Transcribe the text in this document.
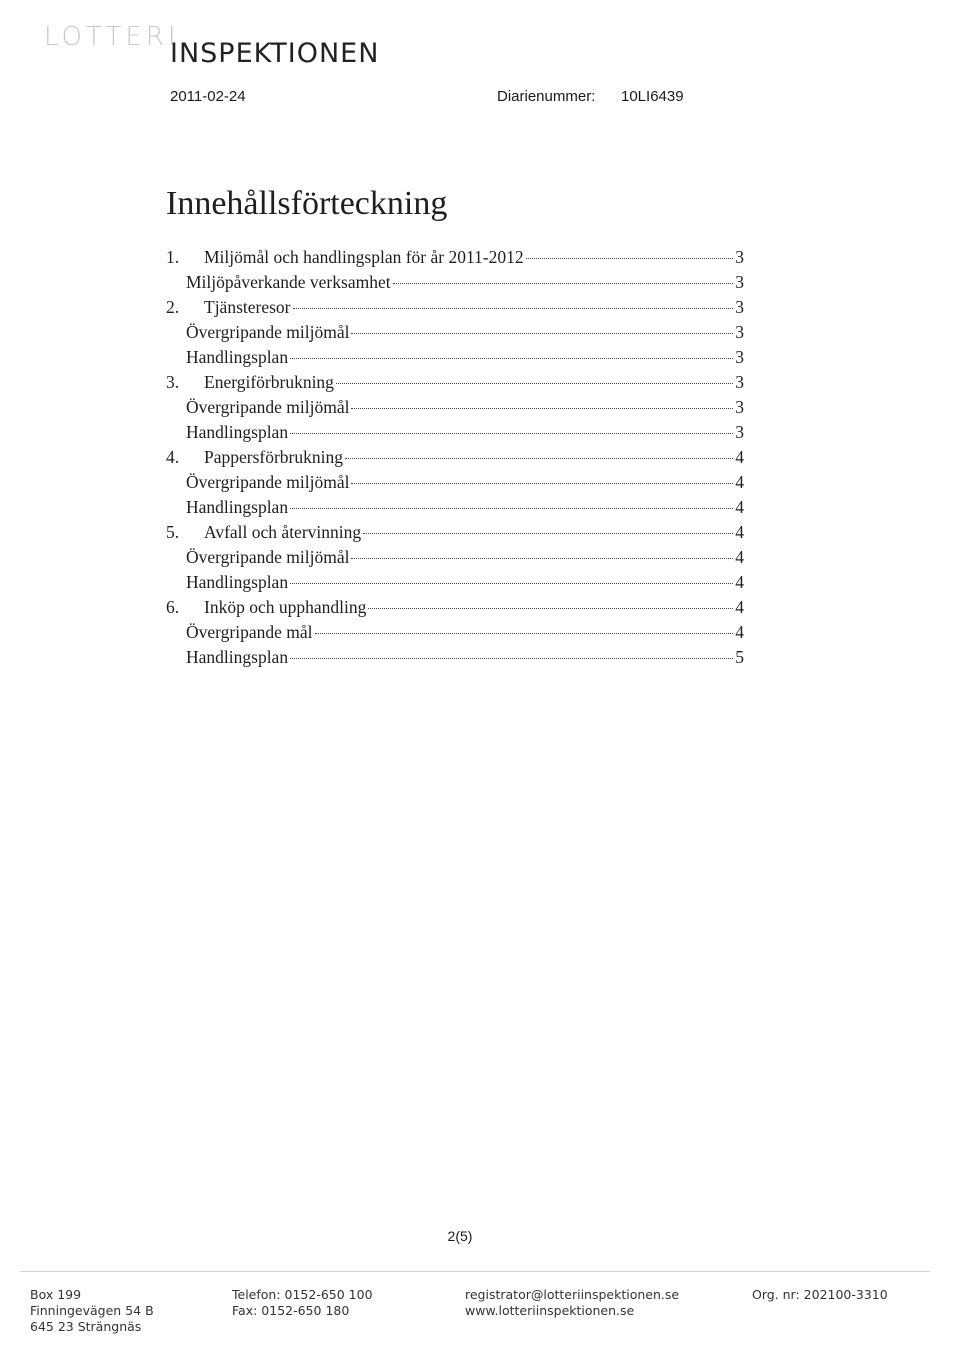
LOTTERI
INSPEKTIONEN
2011-02-24	Diarienummer: 10LI6439
Innehållsförteckning
1.	Miljömål och handlingsplan för år 2011-2012	3
Miljöpåverkande verksamhet	3
2.	Tjänsteresor	3
Övergripande miljömål	3
Handlingsplan	3
3.	Energiförbrukning	3
Övergripande miljömål	3
Handlingsplan	3
4.	Pappersförbrukning	4
Övergripande miljömål	4
Handlingsplan	4
5.	Avfall och återvinning	4
Övergripande miljömål	4
Handlingsplan	4
6.	Inköp och upphandling	4
Övergripande mål	4
Handlingsplan	5
2(5)
Box 199
Finningevägen 54 B
645 23 Strängnäs
Telefon: 0152-650 100
Fax: 0152-650 180
registrator@lotteriinspektionen.se
www.lotteriinspektionen.se
Org. nr: 202100-3310
